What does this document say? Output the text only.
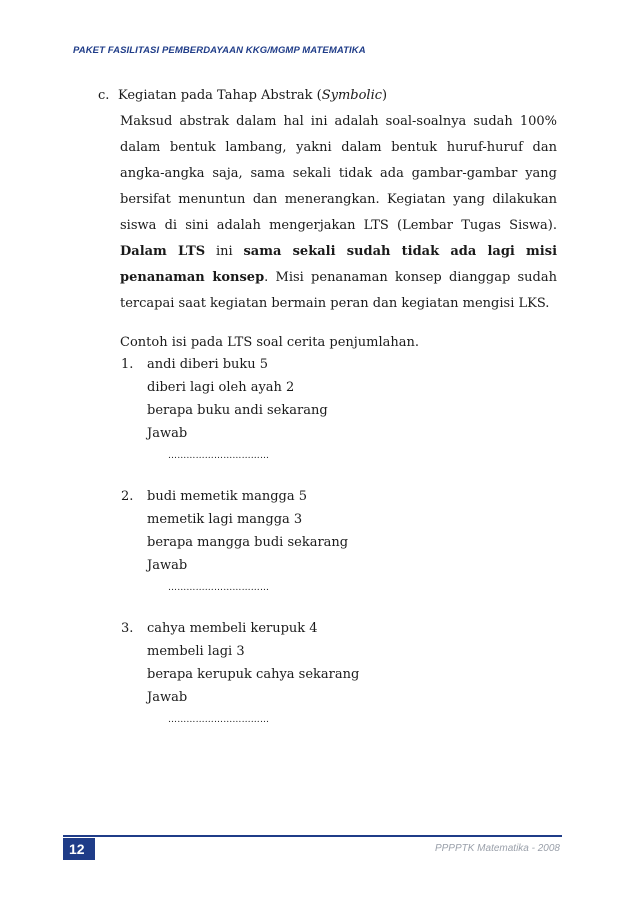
PAKET FASILITASI PEMBERDAYAAN KKG/MGMP MATEMATIKA
c. Kegiatan pada Tahap Abstrak (Symbolic)

Maksud abstrak dalam hal ini adalah soal-soalnya sudah 100% dalam bentuk lambang, yakni dalam bentuk huruf-huruf dan angka-angka saja, sama sekali tidak ada gambar-gambar yang bersifat menuntun dan menerangkan. Kegiatan yang dilakukan siswa di sini adalah mengerjakan LTS (Lembar Tugas Siswa). Dalam LTS ini sama sekali sudah tidak ada lagi misi penanaman konsep. Misi penanaman konsep dianggap sudah tercapai saat kegiatan bermain peran dan kegiatan mengisi LKS.

Contoh isi pada LTS soal cerita penjumlahan.
1. andi diberi buku 5
diberi lagi oleh ayah 2
berapa buku andi sekarang
Jawab
……………………………
2. budi memetik mangga 5
memetik lagi mangga 3
berapa mangga budi sekarang
Jawab
……………………………
3. cahya membeli kerupuk 4
membeli lagi 3
berapa kerupuk cahya sekarang
Jawab
……………………………
12	PPPPTK Matematika - 2008
